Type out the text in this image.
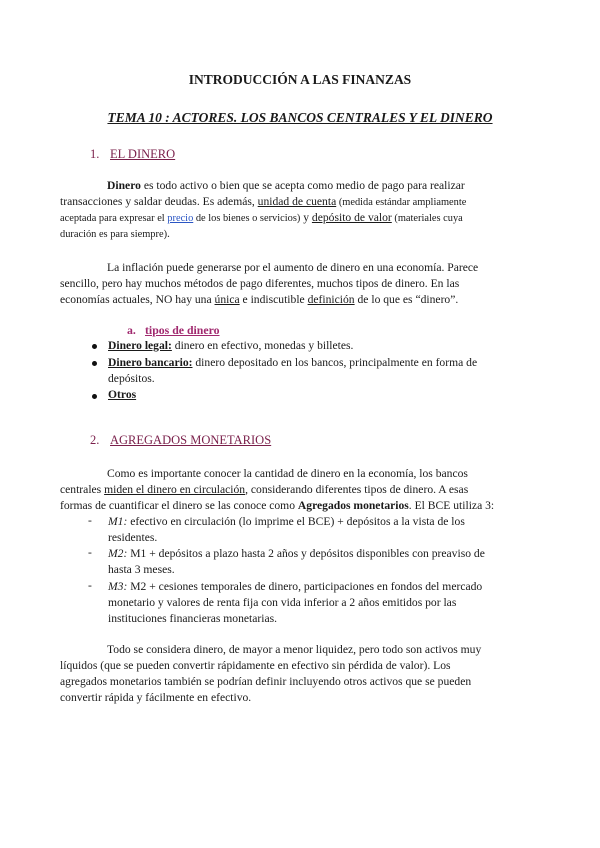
INTRODUCCIÓN A LAS FINANZAS
TEMA 10 : ACTORES. LOS BANCOS CENTRALES Y EL DINERO
1. EL DINERO
Dinero es todo activo o bien que se acepta como medio de pago para realizar
transacciones y saldar deudas. Es además, unidad de cuenta (medida estándar ampliamente
aceptada para expresar el precio de los bienes o servicios) y depósito de valor (materiales cuya
duración es para siempre).
La inflación puede generarse por el aumento de dinero en una economía. Parece
sencillo, pero hay muchos métodos de pago diferentes, muchos tipos de dinero. En las
economías actuales, NO hay una única e indiscutible definición de lo que es “dinero”.
a. tipos de dinero
Dinero legal: dinero en efectivo, monedas y billetes.
Dinero bancario: dinero depositado en los bancos, principalmente en forma de
depósitos.
Otros
2. AGREGADOS MONETARIOS
Como es importante conocer la cantidad de dinero en la economía, los bancos
centrales miden el dinero en circulación, considerando diferentes tipos de dinero. A esas
formas de cuantificar el dinero se las conoce como Agregados monetarios. El BCE utiliza 3:
- M1: efectivo en circulación (lo imprime el BCE) + depósitos a la vista de los
residentes.
- M2: M1 + depósitos a plazo hasta 2 años y depósitos disponibles con preaviso de
hasta 3 meses.
- M3: M2 + cesiones temporales de dinero, participaciones en fondos del mercado
monetario y valores de renta fija con vida inferior a 2 años emitidos por las
instituciones financieras monetarias.
Todo se considera dinero, de mayor a menor liquidez, pero todo son activos muy
líquidos (que se pueden convertir rápidamente en efectivo sin pérdida de valor). Los
agregados monetarios también se podrían definir incluyendo otros activos que se pueden
convertir rápida y fácilmente en efectivo.
